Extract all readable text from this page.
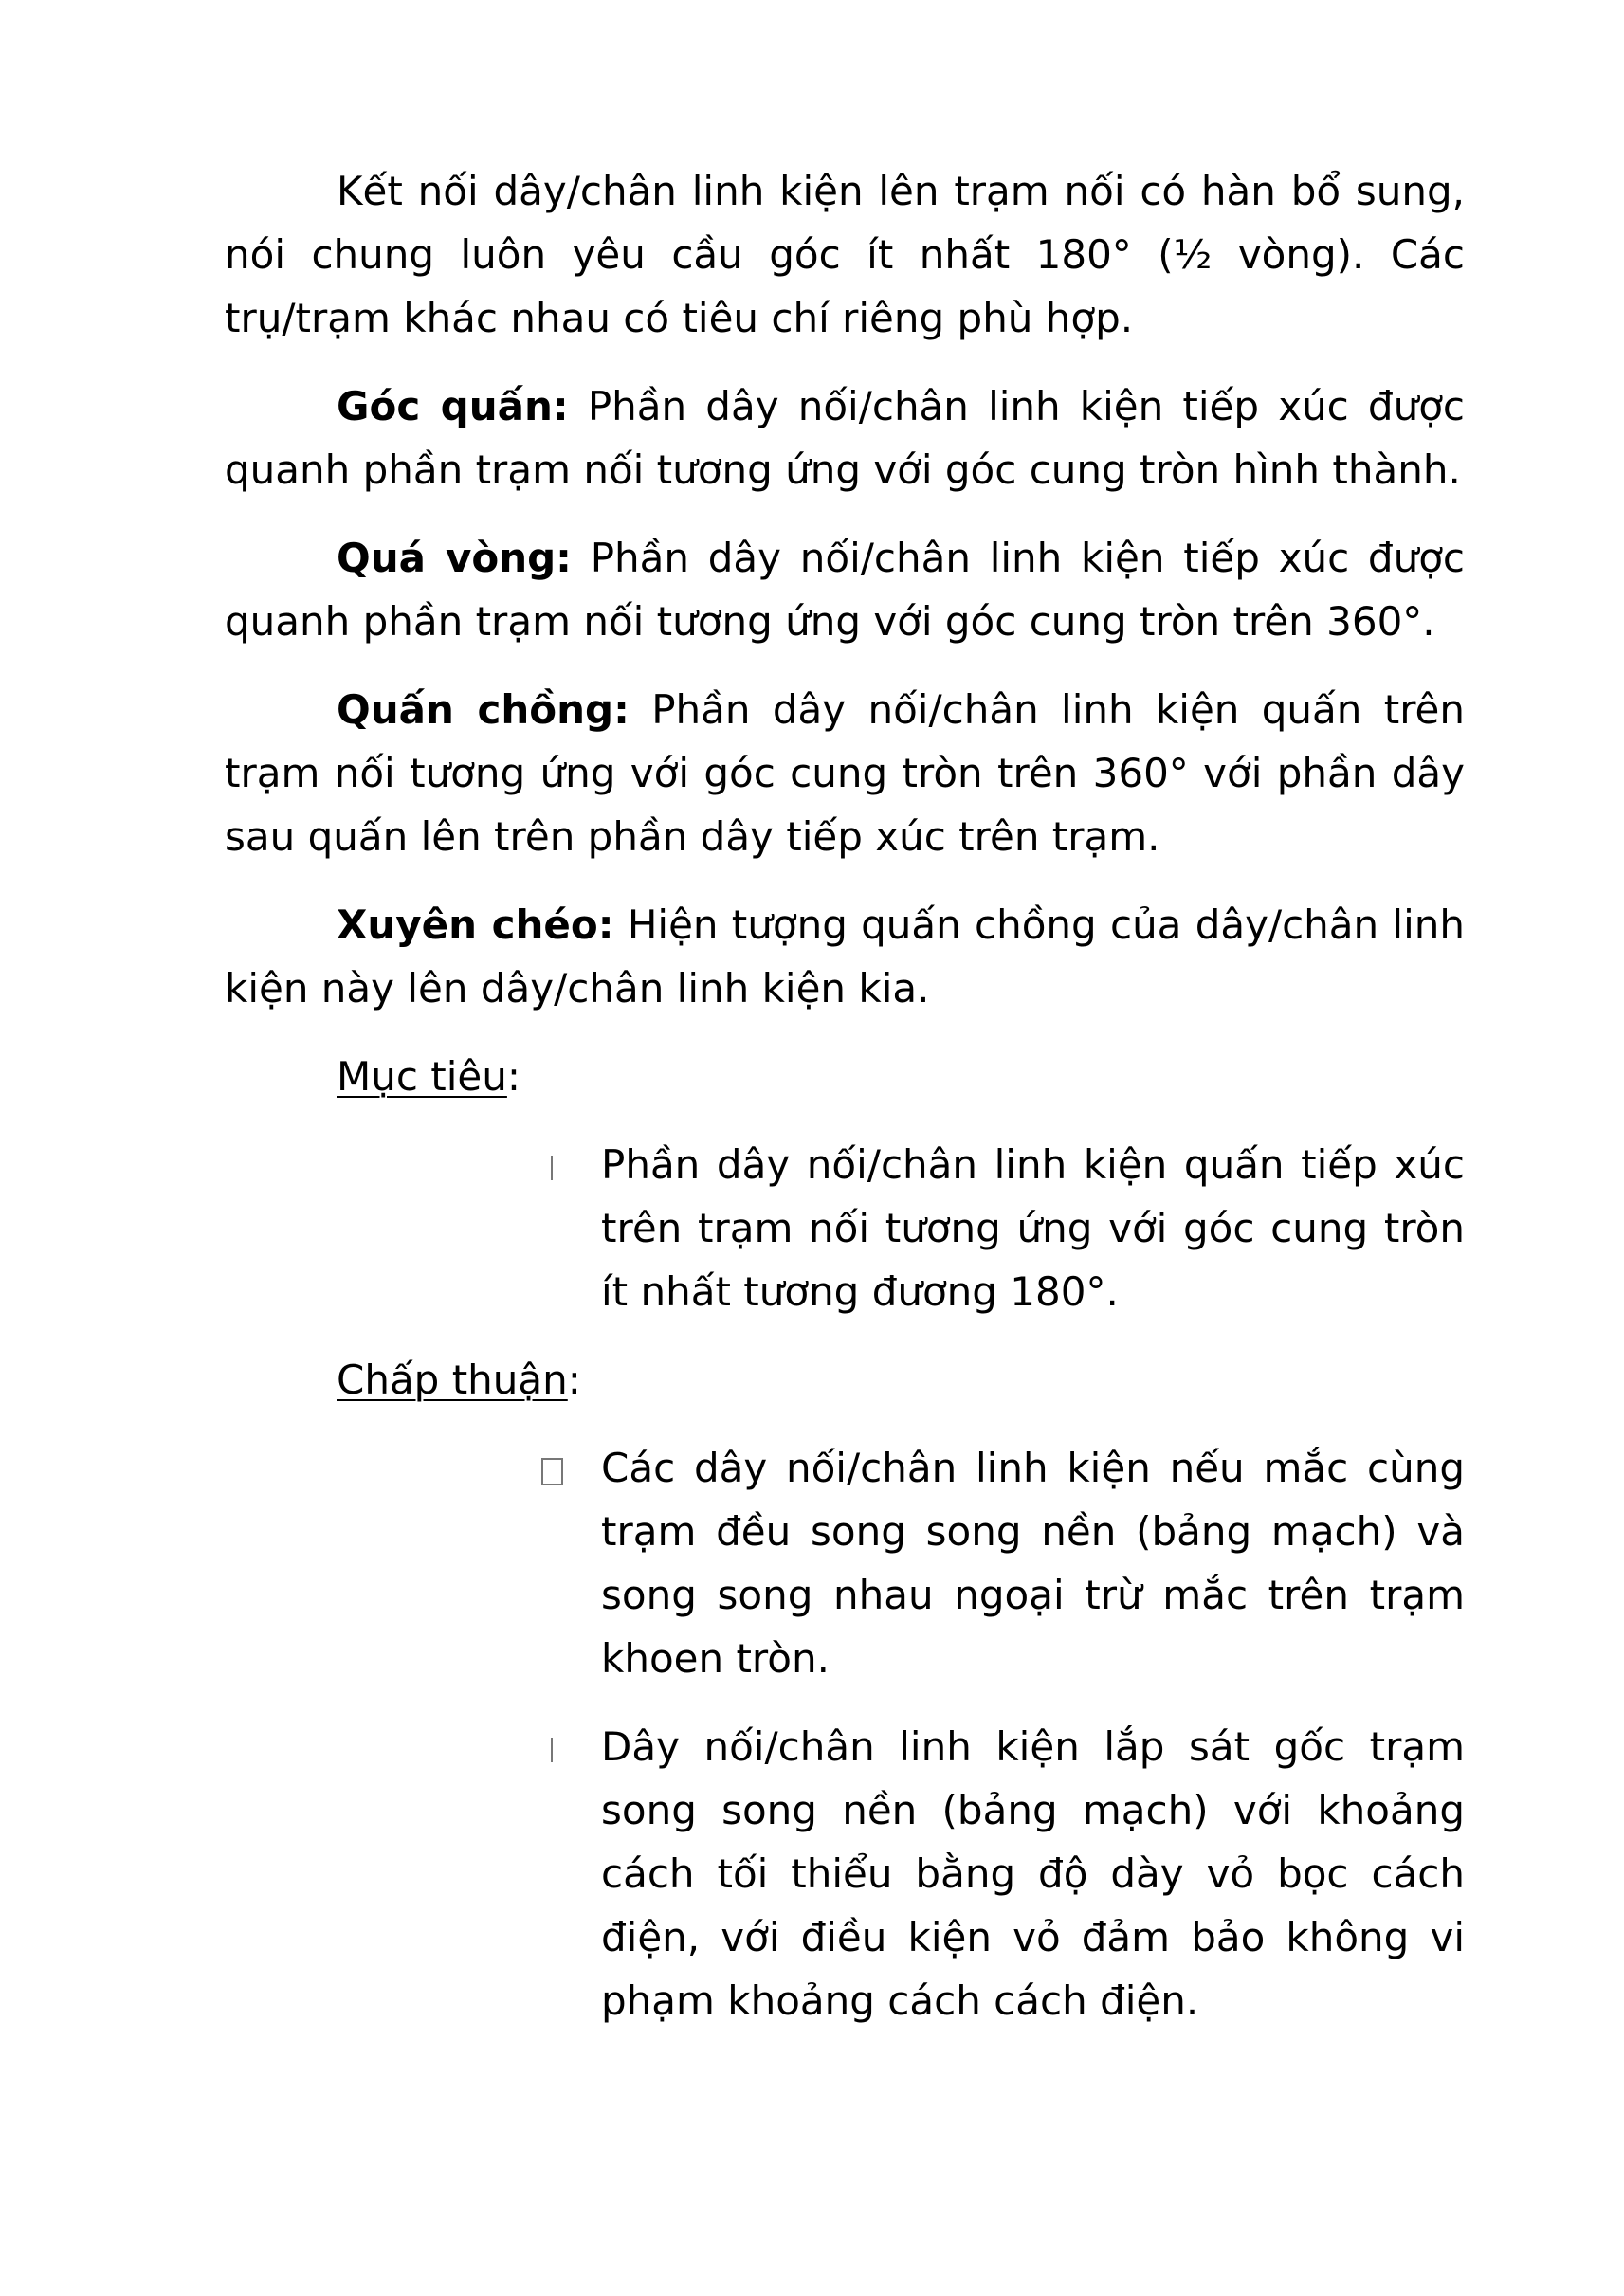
Kết nối dây/chân linh kiện lên trạm nối có hàn bổ sung, nói chung luôn yêu cầu góc ít nhất 180° (½ vòng). Các trụ/trạm khác nhau có tiêu chí riêng phù hợp.

Góc quấn: Phần dây nối/chân linh kiện tiếp xúc được quanh phần trạm nối tương ứng với góc cung tròn hình thành.

Quá vòng: Phần dây nối/chân linh kiện tiếp xúc được quanh phần trạm nối tương ứng với góc cung tròn trên 360°.

Quấn chồng: Phần dây nối/chân linh kiện quấn trên trạm nối tương ứng với góc cung tròn trên 360° với phần dây sau quấn lên trên phần dây tiếp xúc trên trạm.

Xuyên chéo: Hiện tượng quấn chồng của dây/chân linh kiện này lên dây/chân linh kiện kia.

Mục tiêu:

Phần dây nối/chân linh kiện quấn tiếp xúc trên trạm nối tương ứng với góc cung tròn ít nhất tương đương 180°.

Chấp thuận:

Các dây nối/chân linh kiện nếu mắc cùng trạm đều song song nền (bảng mạch) và song song nhau ngoại trừ mắc trên trạm khoen tròn.
Dây nối/chân linh kiện lắp sát gốc trạm song song nền (bảng mạch) với khoảng cách tối thiểu bằng độ dày vỏ bọc cách điện, với điều kiện vỏ đảm bảo không vi phạm khoảng cách cách điện.
